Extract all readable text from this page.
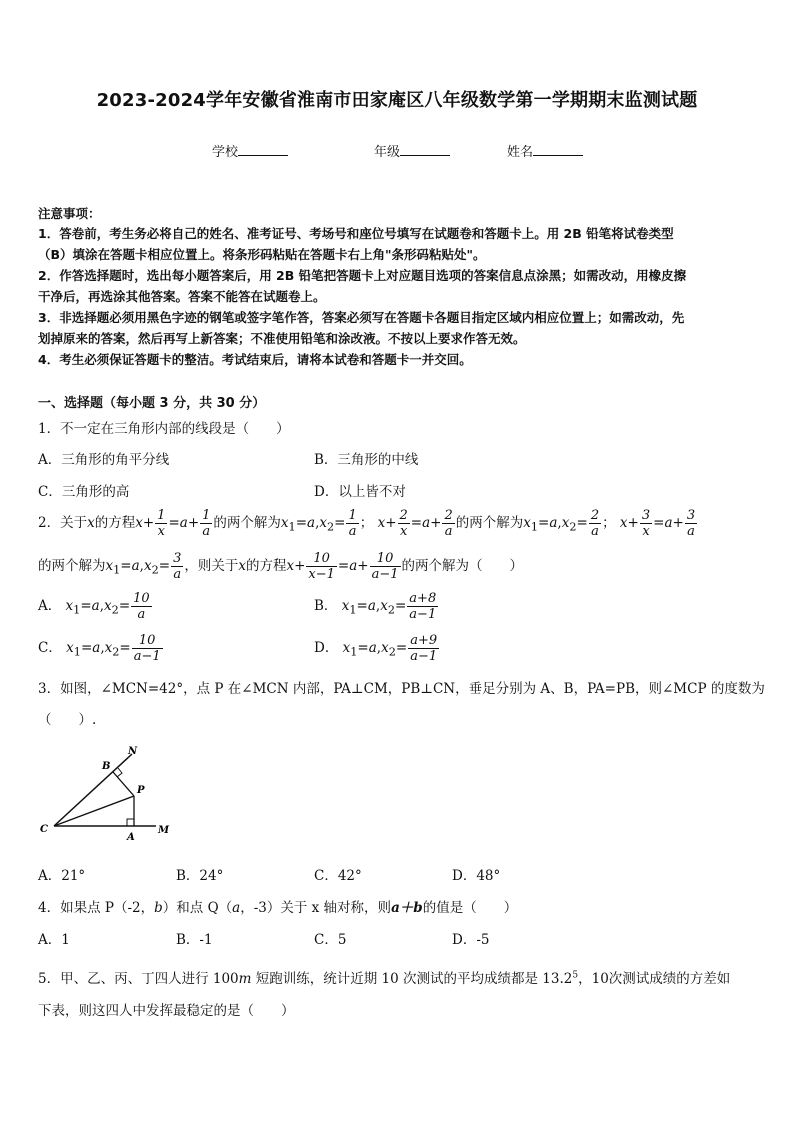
2023-2024学年安徽省淮南市田家庵区八年级数学第一学期期末监测试题
学校	年级	姓名
注意事项：
1．答卷前，考生务必将自己的姓名、准考证号、考场号和座位号填写在试题卷和答题卡上。用 2B 铅笔将试卷类型
（B）填涂在答题卡相应位置上。将条形码粘贴在答题卡右上角"条形码粘贴处"。
2．作答选择题时，选出每小题答案后，用 2B 铅笔把答题卡上对应题目选项的答案信息点涂黑；如需改动，用橡皮擦
干净后，再选涂其他答案。答案不能答在试题卷上。
3．非选择题必须用黑色字迹的钢笔或签字笔作答，答案必须写在答题卡各题目指定区域内相应位置上；如需改动，先
划掉原来的答案，然后再写上新答案；不准使用铅笔和涂改液。不按以上要求作答无效。
4．考生必须保证答题卡的整洁。考试结束后，请将本试卷和答题卡一并交回。
一、选择题（每小题 3 分，共 30 分）
1．不一定在三角形内部的线段是（　　）
A．三角形的角平分线	B．三角形的中线
C．三角形的高	D．以上皆不对
2．关于x的方程$x+ \frac{1}{x} =a+ \frac{1}{a}$ 的两个解为$x_1=a,x_2= \frac{1}{a}$ ； $x+ \frac{2}{x} =a+ \frac{2}{a}$ 的两个解为$x_1=a,x_2= \frac{2}{a}$ ； $x+ \frac{3}{x} =a+ \frac{3}{a}$
的两个解为$x_1=a,x_2= \frac{3}{a}$ ，则关于x的方程$x+ \frac{10}{x-1} =a+ \frac{10}{a-1}$ 的两个解为（　　）
A． $x_1=a,x_2= \frac{10}{a}$	B． $x_1=a,x_2= \frac{a+8}{a-1}$
C． $x_1=a,x_2= \frac{10}{a-1}$	D． $x_1=a,x_2= \frac{a+9}{a-1}$
3．如图，∠MCN=42°，点 P 在∠MCN 内部，PA⊥CM，PB⊥CN，垂足分别为 A、B，PA=PB，则∠MCP 的度数为
（　　）.
N
B
P
C
A
M
A．21°	B．24°	C．42°	D．48°
4．如果点 P（-2，b）和点 Q（a，-3）关于 x 轴对称，则a＋b的值是（　　）
A．1	B．-1	C．5	D．-5
5．甲、乙、丙、丁四人进行 100m 短跑训练，统计近期 10 次测试的平均成绩都是 13.2$^5$，10次测试成绩的方差如
下表，则这四人中发挥最稳定的是（　　）
